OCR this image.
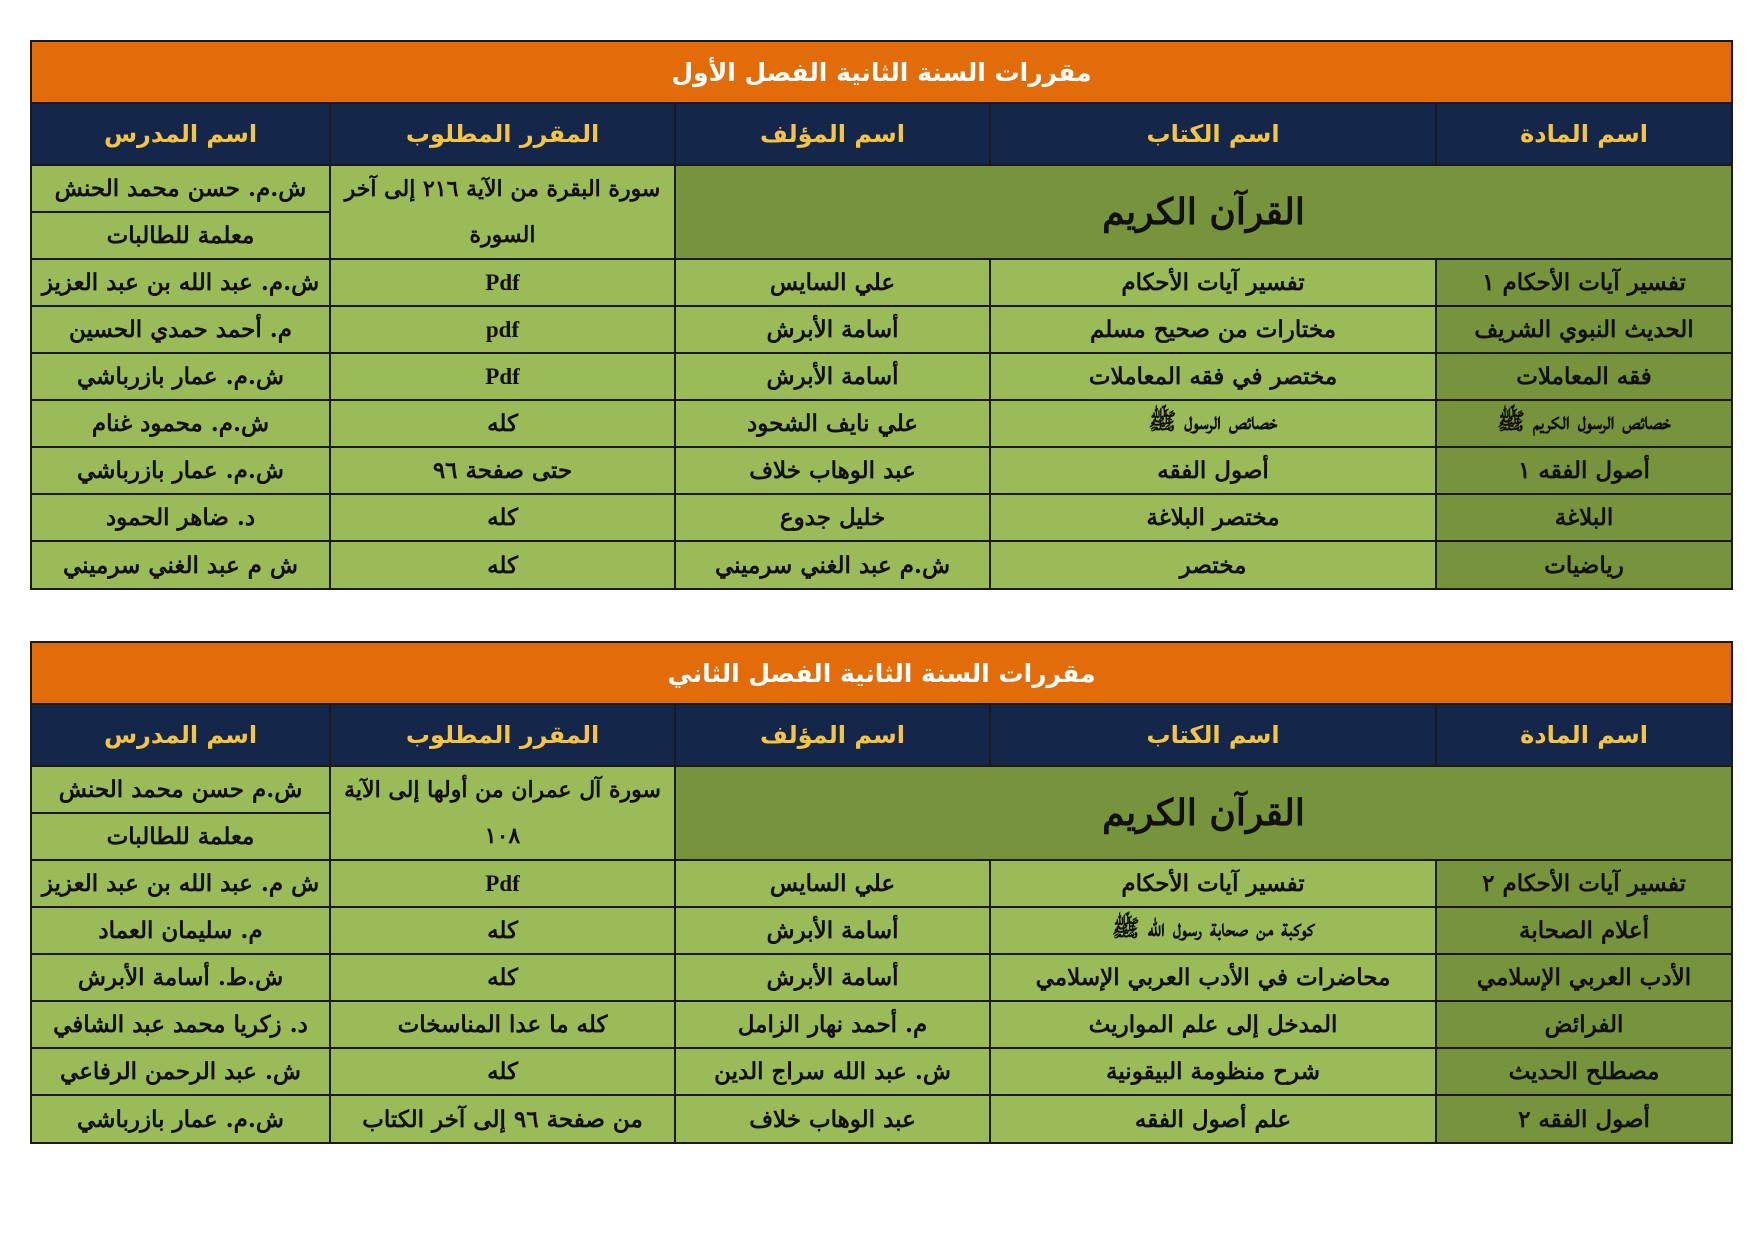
مقررات السنة الثانية الفصل الأول				
اسم المادة	اسم الكتاب	اسم المؤلف	المقرر المطلوب	اسم المدرس
القرآن الكريم			سورة البقرة من الآية ٢١٦ إلى آخر السورة	ش.م. حسن محمد الحنش
				معلمة للطالبات
تفسير آيات الأحكام ١	تفسير آيات الأحكام	علي السايس	Pdf	ش.م. عبد الله بن عبد العزيز
الحديث النبوي الشريف	مختارات من صحيح مسلم	أسامة الأبرش	pdf	م. أحمد حمدي الحسين
فقه المعاملات	مختصر في فقه المعاملات	أسامة الأبرش	Pdf	ش.م. عمار بازرباشي
خصائص الرسول الكريم ﷺ	خصائص الرسول ﷺ	علي نايف الشحود	كله	ش.م. محمود غنام
أصول الفقه ١	أصول الفقه	عبد الوهاب خلاف	حتى صفحة ٩٦	ش.م. عمار بازرباشي
البلاغة	مختصر البلاغة	خليل جدوع	كله	د. ضاهر الحمود
رياضيات	مختصر	ش.م عبد الغني سرميني	كله	ش م عبد الغني سرميني
مقررات السنة الثانية الفصل الثاني				
اسم المادة	اسم الكتاب	اسم المؤلف	المقرر المطلوب	اسم المدرس
القرآن الكريم			سورة آل عمران من أولها إلى الآية ١٠٨	ش.م حسن محمد الحنش
				معلمة للطالبات
تفسير آيات الأحكام ٢	تفسير آيات الأحكام	علي السايس	Pdf	ش م. عبد الله بن عبد العزيز
أعلام الصحابة	كوكبة من صحابة رسول الله ﷺ	أسامة الأبرش	كله	م. سليمان العماد
الأدب العربي الإسلامي	محاضرات في الأدب العربي الإسلامي	أسامة الأبرش	كله	ش.ط. أسامة الأبرش
الفرائض	المدخل إلى علم المواريث	م. أحمد نهار الزامل	كله ما عدا المناسخات	د. زكريا محمد عبد الشافي
مصطلح الحديث	شرح منظومة البيقونية	ش. عبد الله سراج الدين	كله	ش. عبد الرحمن الرفاعي
أصول الفقه ٢	علم أصول الفقه	عبد الوهاب خلاف	من صفحة ٩٦ إلى آخر الكتاب	ش.م. عمار بازرباشي
